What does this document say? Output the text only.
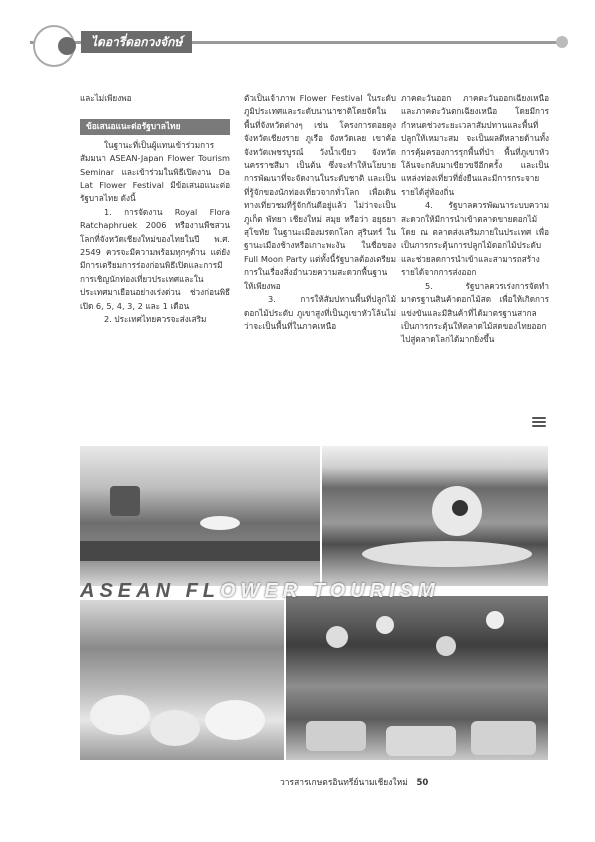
ไดอารี่ดอกวงจักษ์

และไม่เพียงพอ

ข้อเสนอแนะต่อรัฐบาลไทย

ในฐานะที่เป็นผู้แทนเข้าร่วมการสัมมนา ASEAN-Japan Flower Tourism Seminar และเข้าร่วมในพิธีเปิดงาน Da Lat Flower Festival มีข้อเสนอแนะต่อรัฐบาลไทย ดังนี้

1. การจัดงาน Royal Flora Ratchaphruek 2006 หรืองานพืชสวนโลกที่จังหวัดเชียงใหม่ของไทยในปี พ.ศ. 2549 ควรจะมีความพร้อมทุกๆด้าน แต่ยังมีการเตรียมการร่องก่อนพิธีเปิดและการมีการเชิญนักท่องเที่ยวประเทศและในประเทศมาเยือนอย่างเร่งด่วน ช่วงก่อนพิธีเปิด 6, 5, 4, 3, 2 และ 1 เดือน

2. ประเทศไทยควรจะส่งเสริม

ตัวเป็นเจ้าภาพ Flower Festival ในระดับภูมิประเทศและระดับนานาชาติโดยจัดในพื้นที่จังหวัดต่างๆ เช่น โครงการดอยตุง จังหวัดเชียงราย ภูเรือ จังหวัดเลย เขาค้อ จังหวัดเพชรบูรณ์ วังน้ำเขียว จังหวัดนครราชสีมา เป็นต้น ซึ่งจะทำให้นโยบายการพัฒนาที่จะจัดงานในระดับชาติ และเป็นที่รู้จักของนักท่องเที่ยวจากทั่วโลก เพื่อเดินทางเที่ยวชมที่รู้จักกันดีอยู่แล้ว ไม่ว่าจะเป็นภูเก็ต พัทยา เชียงใหม่ สมุย หรือว่า อยุธยา สุโขทัย ในฐานะเมืองมรดกโลก สุรินทร์ ในฐานะเมืองช้างหรือเกาะพะงัน ในชื่อของ Full Moon Party แต่ทั้งนี้รัฐบาลต้องเตรียมการในเรื่องสิ่งอำนวยความสะดวกพื้นฐานให้เพียงพอ

3. การให้สัมปทานพื้นที่ปลูกไม้ดอกไม้ประดับ ภูเขาสูงที่เป็นภูเขาหัวโล้นไม่ว่าจะเป็นพื้นที่ในภาคเหนือ

ภาคตะวันออก ภาคตะวันออกเฉียงเหนือ และภาคตะวันตกเฉียงเหนือ โดยมีการกำหนดช่วงระยะเวลาสัมปทานและพื้นที่ปลูกให้เหมาะสม จะเป็นผลดีหลายด้านทั้งการคุ้มครองการรุกพื้นที่ป่า พื้นที่ภูเขาหัวโล้นจะกลับมาเขียวขจีอีกครั้ง และเป็นแหล่งท่องเที่ยวที่ยั่งยืนและมีการกระจายรายได้สู่ท้องถิ่น

4. รัฐบาลควรพัฒนาระบบความสะดวกให้มีการนำเข้าตลาดขายดอกไม้ โดย ณ ตลาดส่งเสริมภายในประเทศ เพื่อเป็นการกระตุ้นการปลูกไม้ดอกไม้ประดับและช่วยลดการนำเข้าและสามารถสร้างรายได้จากการส่งออก

5. รัฐบาลควรเร่งการจัดทำมาตรฐานสินค้าดอกไม้สด เพื่อให้เกิดการแข่งขันและมีสินค้าที่ได้มาตรฐานสากล เป็นการกระตุ้นให้ตลาดไม้สดของไทยออกไปสู่ตลาดโลกได้มากยิ่งขึ้น

ASEAN FLOWER TOURISM
วารสารเกษตรอินทรีย์นามเชียงใหม่ 50
